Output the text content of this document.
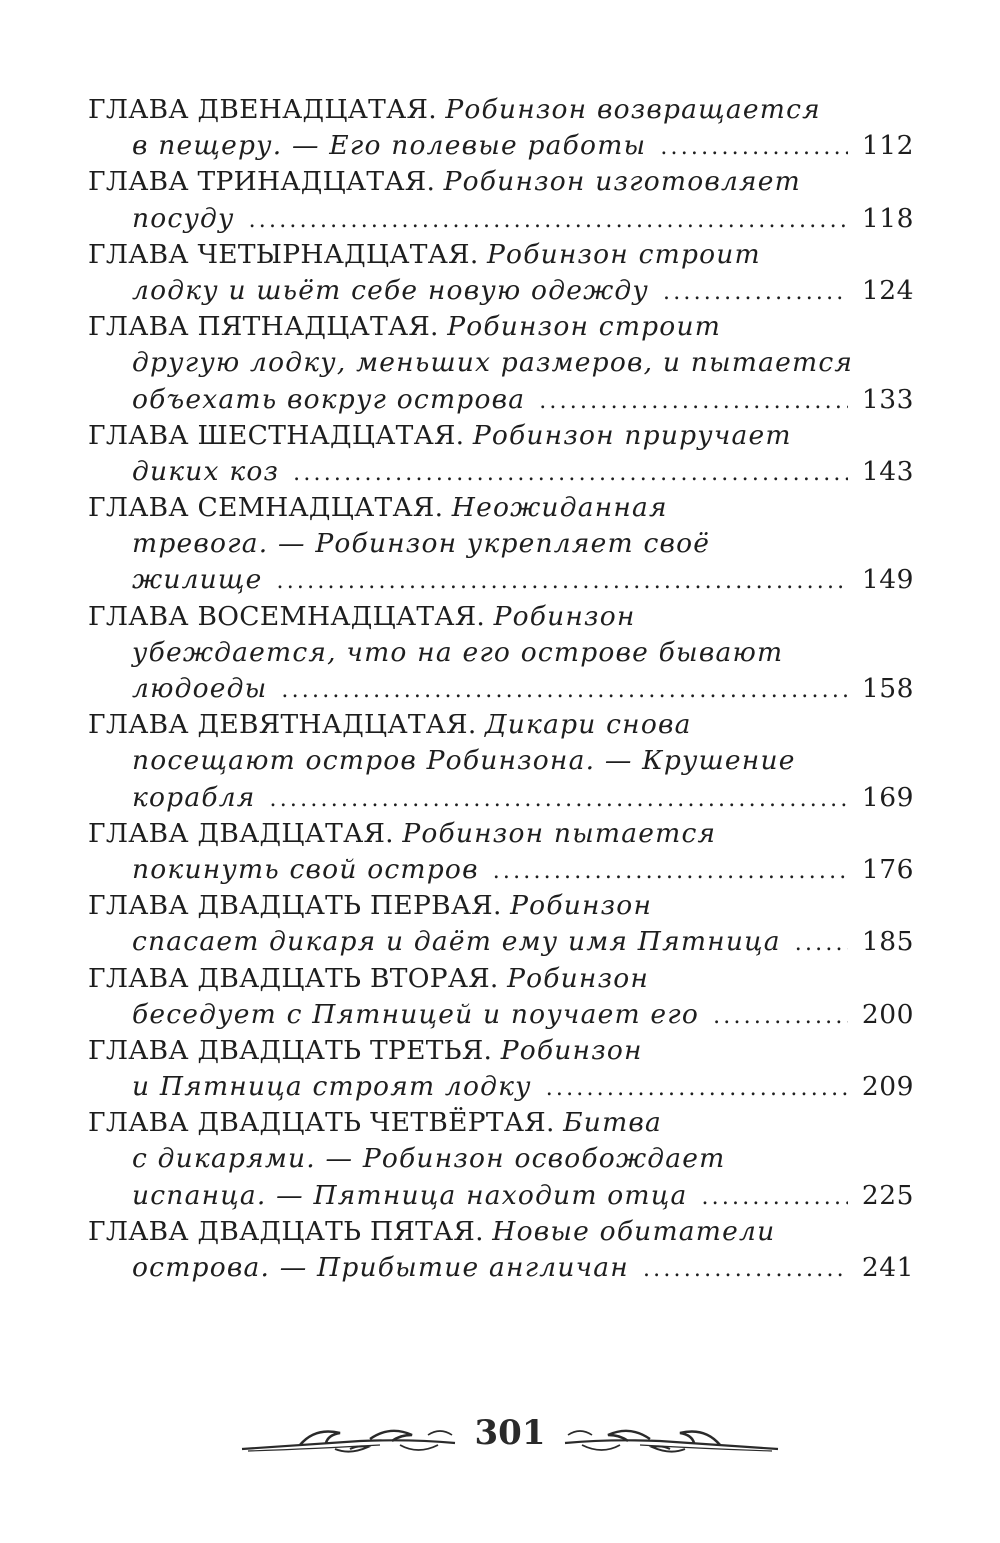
ГЛАВА ДВЕНАДЦАТАЯ. Робинзон возвращается
в пещеру. — Его полевые работы .....	112
ГЛАВА ТРИНАДЦАТАЯ. Робинзон изготовляет
посуду .....	118
ГЛАВА ЧЕТЫРНАДЦАТАЯ. Робинзон строит
лодку и шьёт себе новую одежду .....	124
ГЛАВА ПЯТНАДЦАТАЯ. Робинзон строит
другую лодку, меньших размеров, и пытается
объехать вокруг острова .....	133
ГЛАВА ШЕСТНАДЦАТАЯ. Робинзон приручает
диких коз .....	143
ГЛАВА СЕМНАДЦАТАЯ. Неожиданная
тревога. — Робинзон укрепляет своё
жилище .....	149
ГЛАВА ВОСЕМНАДЦАТАЯ. Робинзон
убеждается, что на его острове бывают
людоеды .....	158
ГЛАВА ДЕВЯТНАДЦАТАЯ. Дикари снова
посещают остров Робинзона. — Крушение
корабля .....	169
ГЛАВА ДВАДЦАТАЯ. Робинзон пытается
покинуть свой остров .....	176
ГЛАВА ДВАДЦАТЬ ПЕРВАЯ. Робинзон
спасает дикаря и даёт ему имя Пятница .....	185
ГЛАВА ДВАДЦАТЬ ВТОРАЯ. Робинзон
беседует с Пятницей и поучает его .....	200
ГЛАВА ДВАДЦАТЬ ТРЕТЬЯ. Робинзон
и Пятница строят лодку .....	209
ГЛАВА ДВАДЦАТЬ ЧЕТВЁРТАЯ. Битва
с дикарями. — Робинзон освобождает
испанца. — Пятница находит отца .....	225
ГЛАВА ДВАДЦАТЬ ПЯТАЯ. Новые обитатели
острова. — Прибытие англичан .....	241
301
